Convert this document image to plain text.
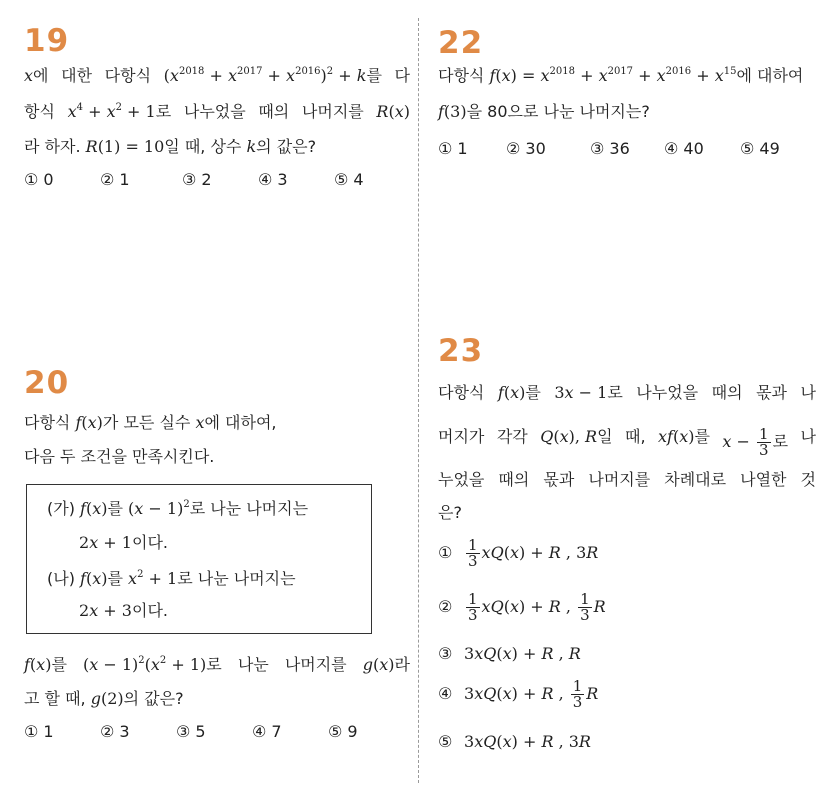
19
x에 대한 다항식 $(x^{2018} + x^{2017} + x^{2016})^2 + k$를 다
항식 $x^4 + x^2 + 1$로 나누었을 때의 나머지를 R(x)
라 하자. R(1) = 10일 때, 상수 k의 값은?
① 0	② 1	③ 2	④ 3	⑤ 4
20
다항식 f(x)가 모든 실수 x에 대하여,
다음 두 조건을 만족시킨다.
(가) f(x)를 $(x - 1)^2$로 나눈 나머지는
2x + 1이다.
(나) f(x)를 $x^2 + 1$로 나눈 나머지는
2x + 3이다.
f(x)를 $(x - 1)^2(x^2 + 1)$로 나눈 나머지를 g(x)라
고 할 때, g(2)의 값은?
① 1	② 3	③ 5	④ 7	⑤ 9
22
다항식 $f(x) = x^{2018} + x^{2017} + x^{2016} + x^{15}$에 대하여
f(3)을 80으로 나눈 나머지는?
① 1 ② 30	③ 36 ④ 40 ⑤ 49
23
다항식 f(x)를 3x − 1로 나누었을 때의 몫과 나
머지가 각각 Q(x), R일 때, xf(x)를 $x - \frac{1}{3}$ 로 나
누었을 때의 몫과 나머지를 차례대로 나열한 것
은?
① $\frac{1}{3} xQ(x) + R$ , 3R
② $\frac{1}{3} xQ(x) + R$ , $\frac{1}{3}$ R
③ 3xQ(x) + R , R
④ 3xQ(x) + R , $\frac{1}{3}$ R
⑤ 3xQ(x) + R , 3R
